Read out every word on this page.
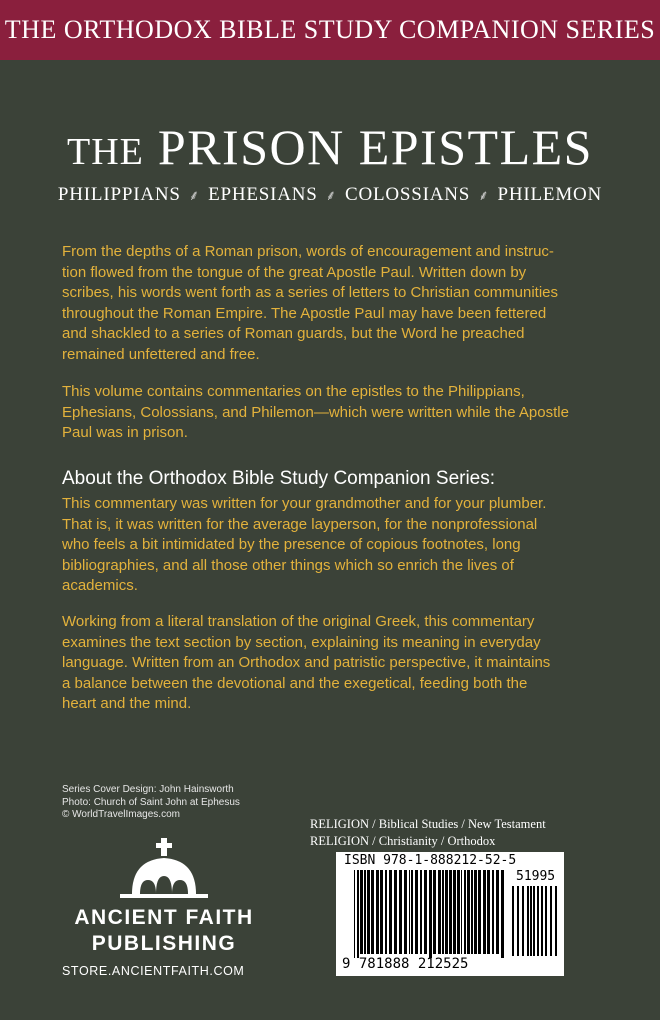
THE ORTHODOX BIBLE STUDY COMPANION SERIES
THE PRISON EPISTLES
PHILIPPIANS ⸙ EPHESIANS ⸙ COLOSSIANS ⸙ PHILEMON
From the depths of a Roman prison, words of encouragement and instruc-
tion flowed from the tongue of the great Apostle Paul. Written down by
scribes, his words went forth as a series of letters to Christian communities
throughout the Roman Empire. The Apostle Paul may have been fettered
and shackled to a series of Roman guards, but the Word he preached
remained unfettered and free.
This volume contains commentaries on the epistles to the Philippians,
Ephesians, Colossians, and Philemon—which were written while the Apostle
Paul was in prison.
About the Orthodox Bible Study Companion Series:
This commentary was written for your grandmother and for your plumber.
That is, it was written for the average layperson, for the nonprofessional
who feels a bit intimidated by the presence of copious footnotes, long
bibliographies, and all those other things which so enrich the lives of
academics.
Working from a literal translation of the original Greek, this commentary
examines the text section by section, explaining its meaning in everyday
language. Written from an Orthodox and patristic perspective, it maintains
a balance between the devotional and the exegetical, feeding both the
heart and the mind.
Series Cover Design: John Hainsworth
Photo: Church of Saint John at Ephesus
© WorldTravelImages.com
ANCIENT FAITH
PUBLISHING
STORE.ANCIENTFAITH.COM
RELIGION / Biblical Studies / New Testament
RELIGION / Christianity / Orthodox
ISBN 978-1-888212-52-5
51995
9 781888 212525
